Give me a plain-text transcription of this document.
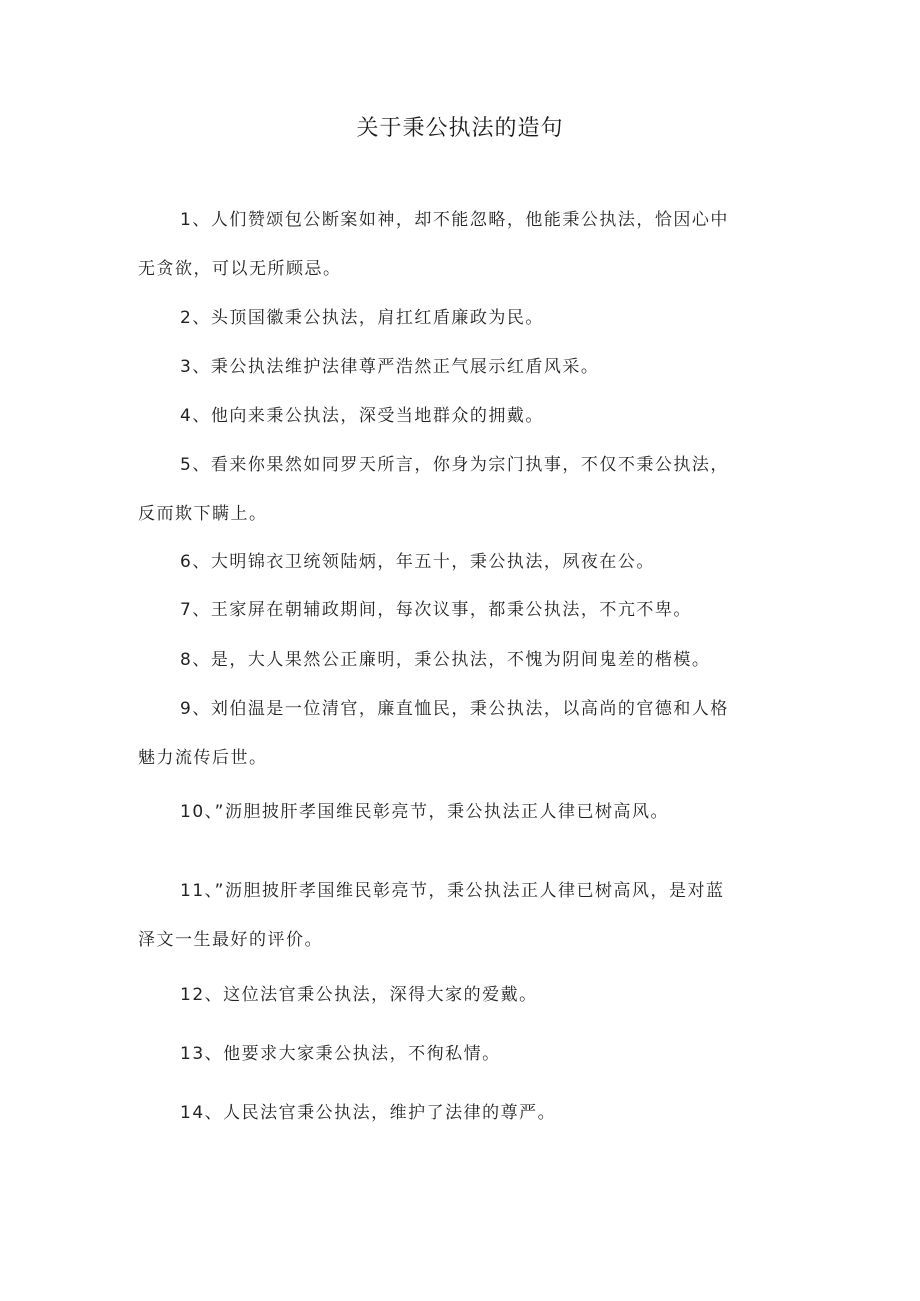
关于秉公执法的造句
1、人们赞颂包公断案如神，却不能忽略，他能秉公执法，恰因心中
无贪欲，可以无所顾忌。
2、头顶国徽秉公执法，肩扛红盾廉政为民。
3、秉公执法维护法律尊严浩然正气展示红盾风采。
4、他向来秉公执法，深受当地群众的拥戴。
5、看来你果然如同罗天所言，你身为宗门执事，不仅不秉公执法，
反而欺下瞒上。
6、大明锦衣卫统领陆炳，年五十，秉公执法，夙夜在公。
7、王家屏在朝辅政期间，每次议事，都秉公执法，不亢不卑。
8、是，大人果然公正廉明，秉公执法，不愧为阴间鬼差的楷模。
9、刘伯温是一位清官，廉直恤民，秉公执法，以高尚的官德和人格
魅力流传后世。
10、”沥胆披肝孝国维民彰亮节，秉公执法正人律已树高风。
11、”沥胆披肝孝国维民彰亮节，秉公执法正人律已树高风，是对蓝
泽文一生最好的评价。
12、这位法官秉公执法，深得大家的爱戴。
13、他要求大家秉公执法，不徇私情。
14、人民法官秉公执法，维护了法律的尊严。
